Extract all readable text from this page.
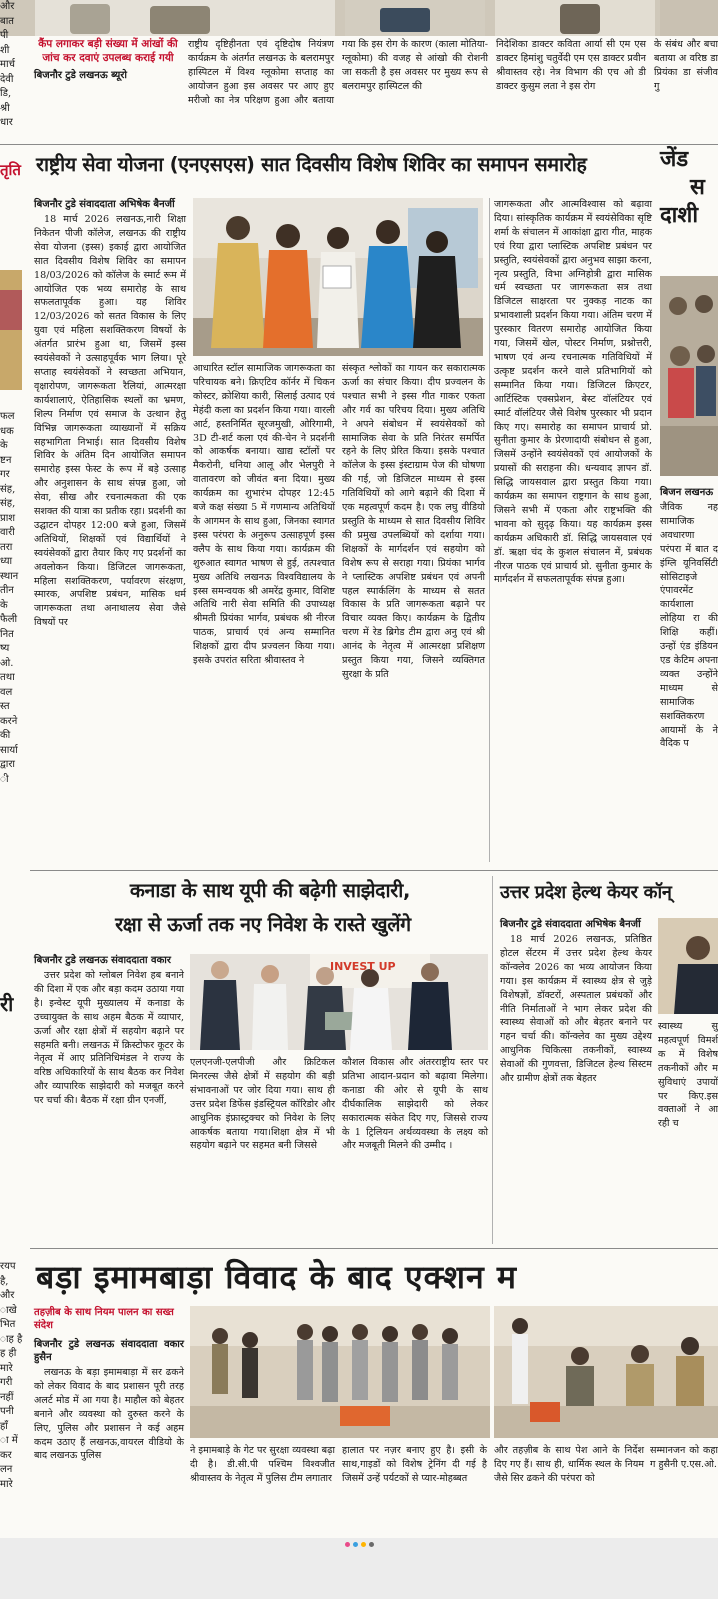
और
बात
पी
शी
मार्च
देवी
डि,
श्री
धार
कैंप लगाकर बड़ी संख्या में आंखों की जांच कर दवाएं उपलब्ध कराई गयी
बिजनौर टुडे लखनऊ ब्यूरो

राष्ट्रीय दृष्टिहीनता एवं दृष्टिदोष नियंत्रण कार्यक्रम के अंतर्गत लखनऊ के बलरामपुर हास्पिटल में विश्व ग्लूकोमा सप्ताह का आयोजन हुआ इस अवसर पर आए हुए मरीजो का नेत्र परिक्षण हुआ और बताया गया कि इस रोग के कारण (काला मोतिया-ग्लूकोमा) की वजह से आंखो की रोशनी जा सकती है इस अवसर पर मुख्य रूप से बलरामपुर हास्पिटल की

निदेशिका डाक्टर कविता आर्या सी एम एस डाक्टर हिमांशु चतुर्वेदी एम एस डाक्टर प्रवीन श्रीवास्तव रहे। नेत्र विभाग की एच ओ डी डाक्टर कुसुम लता ने इस रोग

के संबंध और बचा बताया अ वरिष्ठ डा प्रियंका डा संजीव गु

राष्ट्रीय सेवा योजना (एनएसएस) सात दिवसीय विशेष शिविर का समापन समारोह	जेंड
स
दाशी
बिजन लखनऊ

जैविक नह सामाजिक अवधारणा परंपरा में बात द इंग्लि यूनिवर्सिटी सोसिटाइजे एंपावरमेंट कार्यशाला लोहिया रा की शिक्षि कहीं। उन्हों एंड इंडियन एड केटिम अपना व्यक्त उन्होंने माध्यम से सामाजिक सशक्तिकरण आयामों के ने वैदिक प

तृति
फल
धक
के
ष्टन
गर
संह,
संह,
प्राश
वारी
तरा
ध्या
स्थान
तीन
के
फैली
नित
ष्य
ओ.
तथा
वल
स्त
करने
की
सार्या
द्वारा
ी
री
बिजनौर टुडे संवाददाता अभिषेक बैनर्जी

18 मार्च 2026 लखनऊ,नारी शिक्षा निकेतन पीजी कॉलेज, लखनऊ की राष्ट्रीय सेवा योजना (इस्स) इकाई द्वारा आयोजित सात दिवसीय विशेष शिविर का समापन 18/03/2026 को कॉलेज के स्मार्ट रूम में आयोजित एक भव्य समारोह के साथ सफलतापूर्वक हुआ। यह शिविर 12/03/2026 को सतत विकास के लिए युवा एवं महिला सशक्तिकरण विषयों के अंतर्गत प्रारंभ हुआ था, जिसमें इस्स स्वयंसेवकों ने उत्साहपूर्वक भाग लिया। पूरे सप्ताह स्वयंसेवकों ने स्वच्छता अभियान, वृक्षारोपण, जागरूकता रैलियां, आत्मरक्षा कार्यशालाएं, ऐतिहासिक स्थलों का भ्रमण, शिल्प निर्माण एवं समाज के उत्थान हेतु विभिन्न जागरूकता व्याख्यानों में सक्रिय सहभागिता निभाई। सात दिवसीय विशेष शिविर के अंतिम दिन आयोजित समापन समारोह इस्स फेस्ट के रूप में बड़े उत्साह और अनुशासन के साथ संपन्न हुआ, जो सेवा, सीख और रचनात्मकता की एक सशक्त की यात्रा का प्रतीक रहा। प्रदर्शनी का उद्घाटन दोपहर 12:00 बजे हुआ, जिसमें अतिथियों, शिक्षकों एवं विद्यार्थियों ने स्वयंसेवकों द्वारा तैयार किए गए प्रदर्शनों का अवलोकन किया। डिजिटल जागरूकता, महिला सशक्तिकरण, पर्यावरण संरक्षण, स्मारक, अपशिष्ट प्रबंधन, मासिक धर्म जागरूकता तथा अनाथालय सेवा जैसे विषयों पर

आधारित स्टॉल सामाजिक जागरूकता का परिचायक बने। क्रिएटिव कॉर्नर में चिकन कोस्टर, क्रोशिया कारी, सिलाई उत्पाद एवं मेहंदी कला का प्रदर्शन किया गया। वारली आर्ट, हस्तनिर्मित सूरजमुखी, ओरिगामी, 3D टी-शर्ट कला एवं की-चेन ने प्रदर्शनी को आकर्षक बनाया। खाद्य स्टॉलों पर मैकरोनी, धनिया आलू और भेलपुरी ने वातावरण को जीवंत बना दिया। मुख्य कार्यक्रम का शुभारंभ दोपहर 12:45 बजे कक्ष संख्या 5 में गणमान्य अतिथियों के आगमन के साथ हुआ, जिनका स्वागत इस्स परंपरा के अनुरूप उत्साहपूर्ण इस्स क्लैप के साथ किया गया। कार्यक्रम की शुरुआत स्वागत भाषण से हुई, तत्पश्चात मुख्य अतिथि लखनऊ विश्वविद्यालय के इस्स समन्वयक श्री अमरेंद्र कुमार, विशिष्ट अतिथि नारी सेवा समिति की उपाध्यक्ष श्रीमती प्रियंका भार्गव, प्रबंधक श्री नीरज पाठक, प्राचार्य एवं अन्य सम्मानित शिक्षकों द्वारा दीप प्रज्वलन किया गया। इसके उपरांत सरिता श्रीवास्तव ने

संस्कृत श्लोकों का गायन कर सकारात्मक ऊर्जा का संचार किया। दीप प्रज्वलन के पश्चात सभी ने इस्स गीत गाकर एकता और गर्व का परिचय दिया। मुख्य अतिथि ने अपने संबोधन में स्वयंसेवकों को सामाजिक सेवा के प्रति निरंतर समर्पित रहने के लिए प्रेरित किया। इसके पश्चात कॉलेज के इस्स इंस्टाग्राम पेज की घोषणा की गई, जो डिजिटल माध्यम से इस्स गतिविधियों को आगे बढ़ाने की दिशा में एक महत्वपूर्ण कदम है। एक लघु वीडियो प्रस्तुति के माध्यम से सात दिवसीय शिविर की प्रमुख उपलब्धियों को दर्शाया गया। शिक्षकों के मार्गदर्शन एवं सहयोग को विशेष रूप से सराहा गया। प्रियंका भार्गव ने प्लास्टिक अपशिष्ट प्रबंधन एवं अपनी पहल स्पार्कलिंग के माध्यम से सतत विकास के प्रति जागरूकता बढ़ाने पर विचार व्यक्त किए। कार्यक्रम के द्वितीय चरण में रेड ब्रिगेड टीम द्वारा अनु एवं श्री आनंद के नेतृत्व में आत्मरक्षा प्रशिक्षण प्रस्तुत किया गया, जिसने व्यक्तिगत सुरक्षा के प्रति

जागरूकता और आत्मविश्वास को बढ़ावा दिया। सांस्कृतिक कार्यक्रम में स्वयंसेविका सृष्टि शर्मा के संचालन में आकांक्षा द्वारा गीत, माहक एवं रिया द्वारा प्लास्टिक अपशिष्ट प्रबंधन पर प्रस्तुति, स्वयंसेवकों द्वारा अनुभव साझा करना, नृत्य प्रस्तुति, विभा अग्निहोत्री द्वारा मासिक धर्म स्वच्छता पर जागरूकता सत्र तथा डिजिटल साक्षरता पर नुक्कड़ नाटक का प्रभावशाली प्रदर्शन किया गया। अंतिम चरण में पुरस्कार वितरण समारोह आयोजित किया गया, जिसमें खेल, पोस्टर निर्माण, प्रश्नोत्तरी, भाषण एवं अन्य रचनात्मक गतिविधियों में उत्कृष्ट प्रदर्शन करने वाले प्रतिभागियों को सम्मानित किया गया। डिजिटल क्रिएटर, आर्टिस्टिक एक्सप्रेशन, बेस्ट वॉलंटियर एवं स्मार्ट वॉलंटियर जैसे विशेष पुरस्कार भी प्रदान किए गए। समारोह का समापन प्राचार्य प्रो. सुनीता कुमार के प्रेरणादायी संबोधन से हुआ, जिसमें उन्होंने स्वयंसेवकों एवं आयोजकों के प्रयासों की सराहना की। धन्यवाद ज्ञापन डॉ. सिद्धि जायसवाल द्वारा प्रस्तुत किया गया। कार्यक्रम का समापन राष्ट्रगान के साथ हुआ, जिसने सभी में एकता और राष्ट्रभक्ति की भावना को सुदृढ़ किया। यह कार्यक्रम इस्स कार्यक्रम अधिकारी डॉ. सिद्धि जायसवाल एवं डॉ. ऋक्षा चंद के कुशल संचालन में, प्रबंधक नीरज पाठक एवं प्राचार्य प्रो. सुनीता कुमार के मार्गदर्शन में सफलतापूर्वक संपन्न हुआ।

कनाडा के साथ यूपी की बढ़ेगी साझेदारी,
रक्षा से ऊर्जा तक नए निवेश के रास्ते खुलेंगे
बिजनौर टुडे लखनऊ संवाददाता वकार

उत्तर प्रदेश को ग्लोबल निवेश हब बनाने की दिशा में एक और बड़ा कदम उठाया गया है। इन्वेस्ट यूपी मुख्यालय में कनाडा के उच्चायुक्त के साथ अहम बैठक में व्यापार, ऊर्जा और रक्षा क्षेत्रों में सहयोग बढ़ाने पर सहमति बनी। लखनऊ में क्रिस्टोफर कूटर के नेतृत्व में आए प्रतिनिधिमंडल ने राज्य के वरिष्ठ अधिकारियों के साथ बैठक कर निवेश और व्यापारिक साझेदारी को मजबूत करने पर चर्चा की। बैठक में रक्षा ग्रीन एनर्जी,

INVEST UP

एलएनजी-एलपीजी और क्रिटिकल मिनरल्स जैसे क्षेत्रों में सहयोग की बड़ी संभावनाओं पर जोर दिया गया। साथ ही उत्तर प्रदेश डिफेंस इंडस्ट्रियल कॉरिडोर और आधुनिक इंफ्रास्ट्रक्चर को निवेश के लिए आकर्षक बताया गया।शिक्षा क्षेत्र में भी सहयोग बढ़ाने पर सहमत बनी जिससे

कौशल विकास और अंतरराष्ट्रीय स्तर पर प्रतिभा आदान-प्रदान को बढ़ावा मिलेगा।कनाडा की ओर से यूपी के साथ दीर्घकालिक साझेदारी को लेकर सकारात्मक संकेत दिए गए, जिससे राज्य के 1 ट्रिलियन अर्थव्यवस्था के लक्ष्य को और मजबूती मिलने की उम्मीद ।

उत्तर प्रदेश हेल्थ केयर कॉन्
बिजनौर टुडे संवाददाता अभिषेक बैनर्जी

18 मार्च 2026 लखनऊ, प्रतिष्ठित होटल सेंटरम में उत्तर प्रदेश हेल्थ केयर कॉन्क्लेव 2026 का भव्य आयोजन किया गया। इस कार्यक्रम में स्वास्थ्य क्षेत्र से जुड़े विशेषज्ञों, डॉक्टरों, अस्पताल प्रबंधकों और नीति निर्माताओं ने भाग लेकर प्रदेश की स्वास्थ्य सेवाओं को और बेहतर बनाने पर गहन चर्चा की। कॉन्क्लेव का मुख्य उद्देश्य आधुनिक चिकित्सा तकनीकों, स्वास्थ्य सेवाओं की गुणवत्ता, डिजिटल हेल्थ सिस्टम और ग्रामीण क्षेत्रों तक बेहतर

स्वास्थ्य सु महत्वपूर्ण विमर्श क में विशेष तकनीकों और म सुविधाएं उपायों पर किए.इस वक्ताओं ने आ रही च

बड़ा इमामबाड़ा विवाद के बाद एक्शन म
रयप
है,
और
ाखे
भित
ाह है
ह ही
मारे
गरी
नहीं
पनी
हाँ
ा में
कर
लन
मारे
तहज़ीब के साथ नियम पालन का सख्त संदेश
बिजनौर टुडे लखनऊ संवाददाता वकार हुसैन

लखनऊ के बड़ा इमामबाड़ा में सर ढकने को लेकर विवाद के बाद प्रशासन पूरी तरह अलर्ट मोड में आ गया है। माहौल को बेहतर बनाने और व्यवस्था को दुरुस्त करने के लिए, पुलिस और प्रशासन ने कई अहम कदम उठाए हैं लखनऊ,वायरल वीडियो के बाद लखनऊ पुलिस	ने इमामबाड़े के गेट पर सुरक्षा व्यवस्था बढ़ा दी है। डी.सी.पी पश्चिम विश्वजीत श्रीवास्तव के नेतृत्व में पुलिस टीम लगातार

हालात पर नज़र बनाए हुए है। इसी के साथ,गाइडों को विशेष ट्रेनिंग दी गई है जिसमें उन्हें पर्यटकों से प्यार-मोहब्बत

और तहज़ीब के साथ पेश आने के निर्देश दिए गए हैं। साथ ही, धार्मिक स्थल के नियम जैसे सिर ढकने की परंपरा को

सम्मानजन को कहा ग हुसैनी ए.एस.ओ.
